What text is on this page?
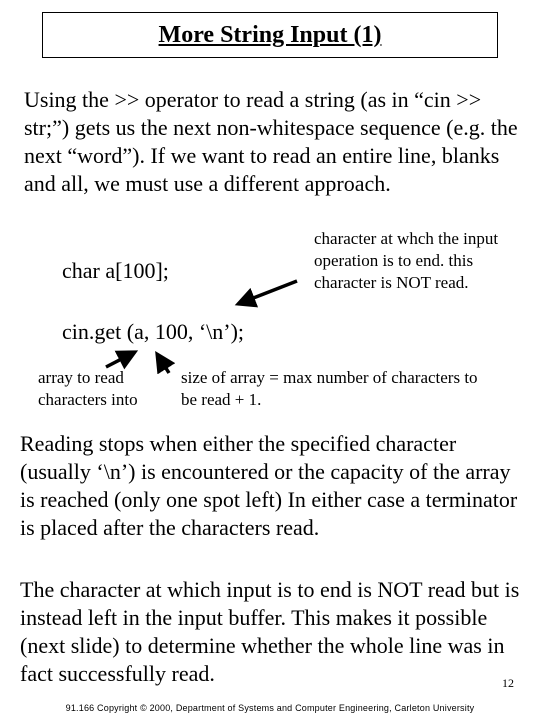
More String Input (1)

Using the >> operator to read a string (as in “cin >> str;”) gets us the next non-whitespace sequence (e.g. the next “word”). If we want to read an entire line, blanks and all, we must use a different approach.

char a[100];
cin.get (a, 100, ‘\n’);
character at whch the input operation is to end. this character is NOT read.
array to read characters into
size of array = max number of characters to be read + 1.

Reading stops when either the specified character (usually ‘\n’) is encountered or the capacity of the array is reached (only one spot left) In either case a terminator is placed after the characters read.

The character at which input is to end is NOT read but is instead left in the input buffer. This makes it possible (next slide) to determine whether the whole line was in fact successfully read.	12
91.166 Copyright © 2000, Department of Systems and Computer Engineering, Carleton University
